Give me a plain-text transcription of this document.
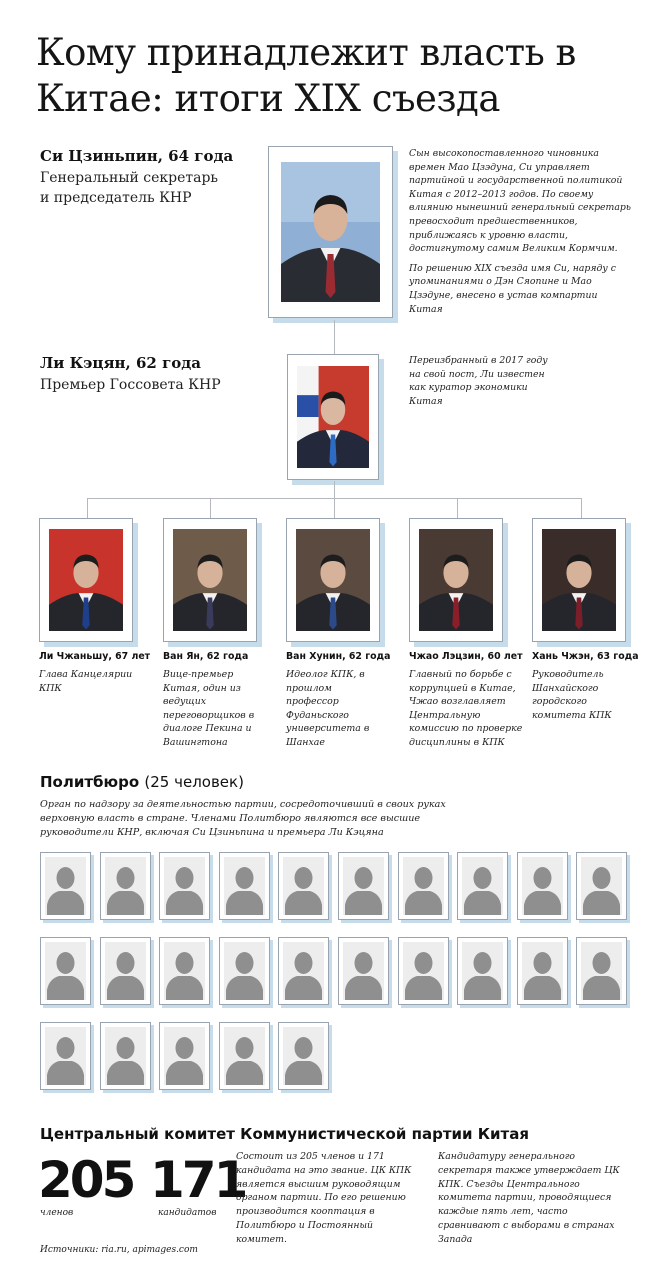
Кому принадлежит власть в Китае: итоги XIX съезда
Си Цзиньпин, 64 года
Генеральный секретарь
и председатель КНР

Сын высокопоставленного чиновника времен Мао Цзэдуна, Си управляет партийной и государственной политикой Китая с 2012–2013 годов. По своему влиянию нынешний генеральный секретарь превосходит предшественников, приближаясь к уровню власти, достигнутому самим Великим Кормчим.

По решению XIX съезда имя Си, наряду с упоминаниями о Дэн Сяопине и Мао Цзэдуне, внесено в устав компартии Китая

Ли Кэцян, 62 года
Премьер Госсовета КНР
Переизбранный в 2017 году на свой пост, Ли известен как куратор экономики Китая
Ли Чжаньшу, 67 лет
Глава Канцелярии КПК
Ван Ян, 62 года
Вице-премьер Китая, один из ведущих переговорщиков в диалоге Пекина и Вашингтона
Ван Хунин, 62 года
Идеолог КПК, в прошлом профессор Фуданьского университета в Шанхае
Чжао Лэцзин, 60 лет
Главный по борьбе с коррупцией в Китае, Чжао возглавляет Центральную комиссию по проверке дисциплины в КПК
Хань Чжэн, 63 года
Руководитель Шанхайского городского комитета КПК
Политбюро (25 человек)
Орган по надзору за деятельностью партии, сосредоточивший в своих руках верховную власть в стране. Членами Политбюро являются все высшие руководители КНР, включая Си Цзиньпина и премьера Ли Кэцяна
Центральный комитет Коммунистической партии Китая
205
членов
171
кандидатов
Состоит из 205 членов и 171 кандидата на это звание. ЦК КПК является высшим руководящим органом партии. По его решению производится кооптация в Политбюро и Постоянный комитет.
Кандидатуру генерального секретаря также утверждает ЦК КПК. Съезды Центрального комитета партии, проводящиеся каждые пять лет, часто сравнивают с выборами в странах Запада
Источники: ria.ru, apimages.com
